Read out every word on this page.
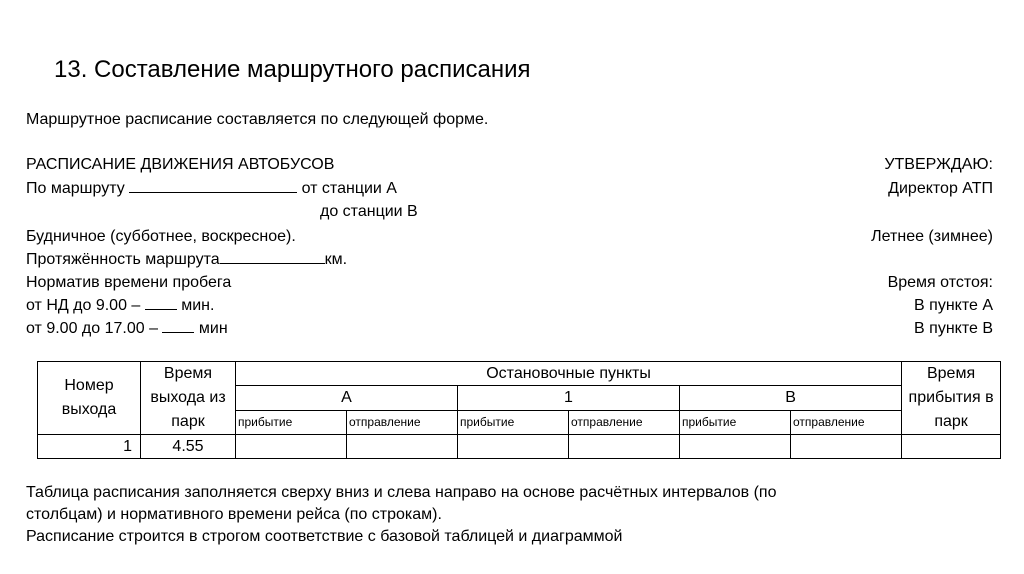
13. Составление маршрутного расписания
Маршрутное расписание составляется по следующей форме.
РАСПИСАНИЕ ДВИЖЕНИЯ АВТОБУСОВ
По маршруту	от станции А
до станции В
Будничное (субботнее, воскресное).
Протяжённость маршрута	км.
Норматив времени пробега
от НД до 9.00 –	мин.
от 9.00 до 17.00 –	мин
УТВЕРЖДАЮ:
Директор АТП
Летнее (зимнее)
Время отстоя:
В пункте А
В пункте В
Номер выхода	Время выхода из парк	Остановочные пункты						Время прибытия в парк
		А		1		В		
		прибытие	отправление	прибытие	отправление	прибытие	отправление	
1	4.55							
Таблица расписания заполняется сверху вниз и слева направо на основе расчётных интервалов (по
столбцам) и нормативного времени рейса (по строкам).
Расписание строится в строгом соответствие с базовой таблицей и диаграммой
